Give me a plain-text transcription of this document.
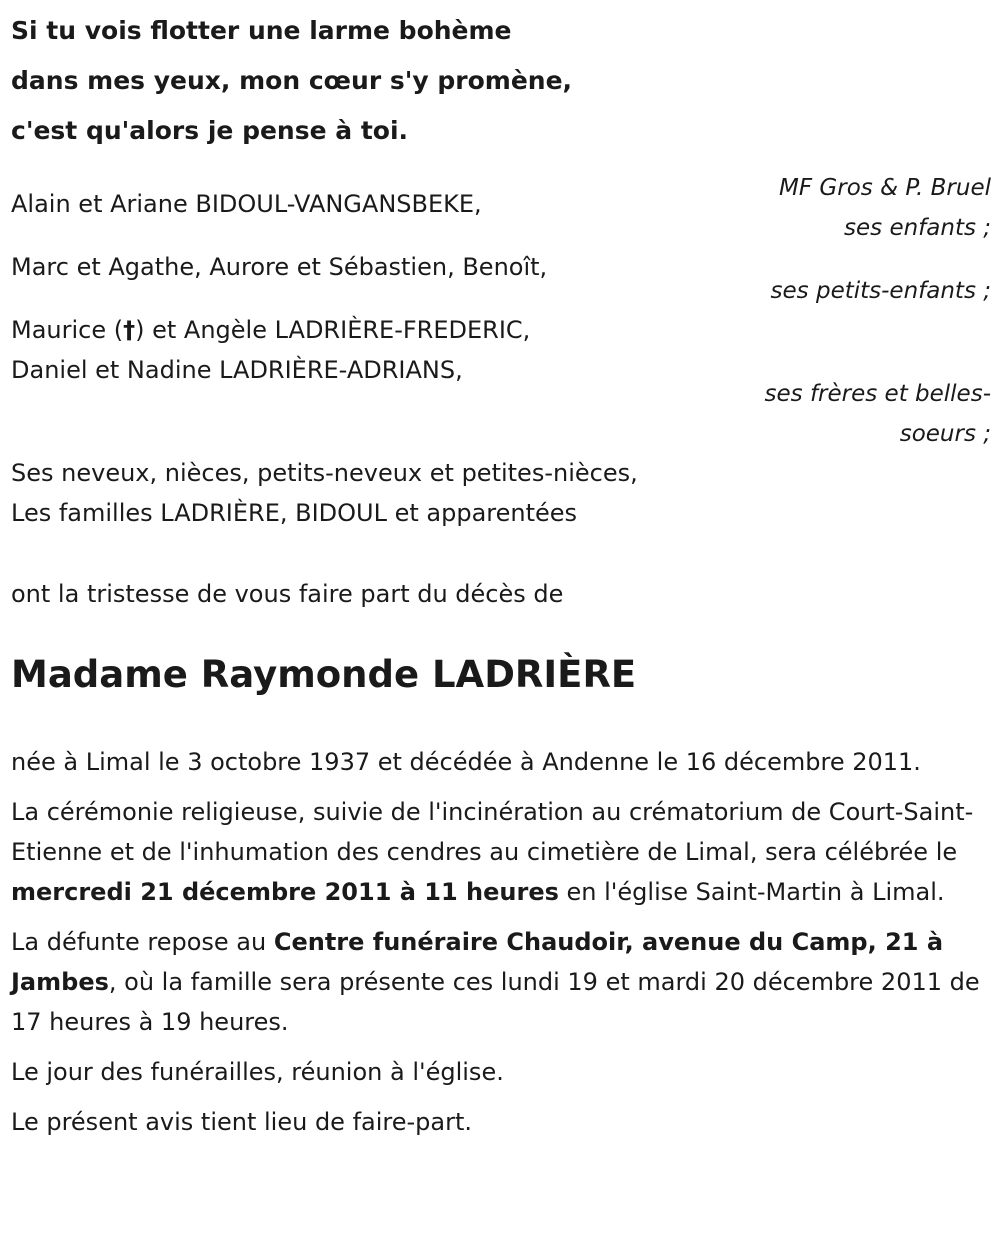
Si tu vois flotter une larme bohème
dans mes yeux, mon cœur s'y promène,
c'est qu'alors je pense à toi.
Alain et Ariane BIDOUL-VANGANSBEKE,
MF Gros & P. Bruel
ses enfants ;
Marc et Agathe, Aurore et Sébastien, Benoît,
ses petits-enfants ;
Maurice (†) et Angèle LADRIÈRE-FREDERIC,
Daniel et Nadine LADRIÈRE-ADRIANS,
ses frères et belles-
soeurs ;
Ses neveux, nièces, petits-neveux et petites-nièces,
Les familles LADRIÈRE, BIDOUL et apparentées
ont la tristesse de vous faire part du décès de
Madame Raymonde LADRIÈRE

née à Limal le 3 octobre 1937 et décédée à Andenne le 16 décembre 2011.

La cérémonie religieuse, suivie de l'incinération au crématorium de Court-Saint-Etienne et de l'inhumation des cendres au cimetière de Limal, sera célébrée le mercredi 21 décembre 2011 à 11 heures en l'église Saint-Martin à Limal.

La défunte repose au Centre funéraire Chaudoir, avenue du Camp, 21 à Jambes, où la famille sera présente ces lundi 19 et mardi 20 décembre 2011 de 17 heures à 19 heures.

Le jour des funérailles, réunion à l'église.

Le présent avis tient lieu de faire-part.
